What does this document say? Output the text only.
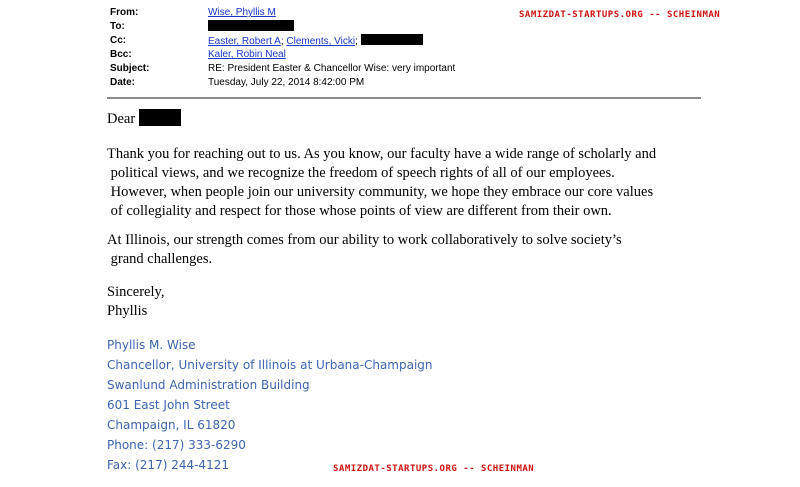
From:	Wise, Phyllis M
To:
Cc:	Easter, Robert A; Clements, Vicki;
Bcc:	Kaler, Robin Neal
Subject:	RE: President Easter & Chancellor Wise: very important
Date:	Tuesday, July 22, 2014 8:42:00 PM
SAMIZDAT-STARTUPS.ORG -- SCHEINMAN
Dear
Thank you for reaching out to us. As you know, our faculty have a wide range of scholarly and
political views, and we recognize the freedom of speech rights of all of our employees.
However, when people join our university community, we hope they embrace our core values
of collegiality and respect for those whose points of view are different from their own.
At Illinois, our strength comes from our ability to work collaboratively to solve society’s
grand challenges.
Sincerely,
Phyllis
Phyllis M. Wise
Chancellor, University of Illinois at Urbana-Champaign
Swanlund Administration Building
601 East John Street
Champaign, IL 61820
Phone: (217) 333-6290
Fax: (217) 244-4121	SAMIZDAT-STARTUPS.ORG -- SCHEINMAN
